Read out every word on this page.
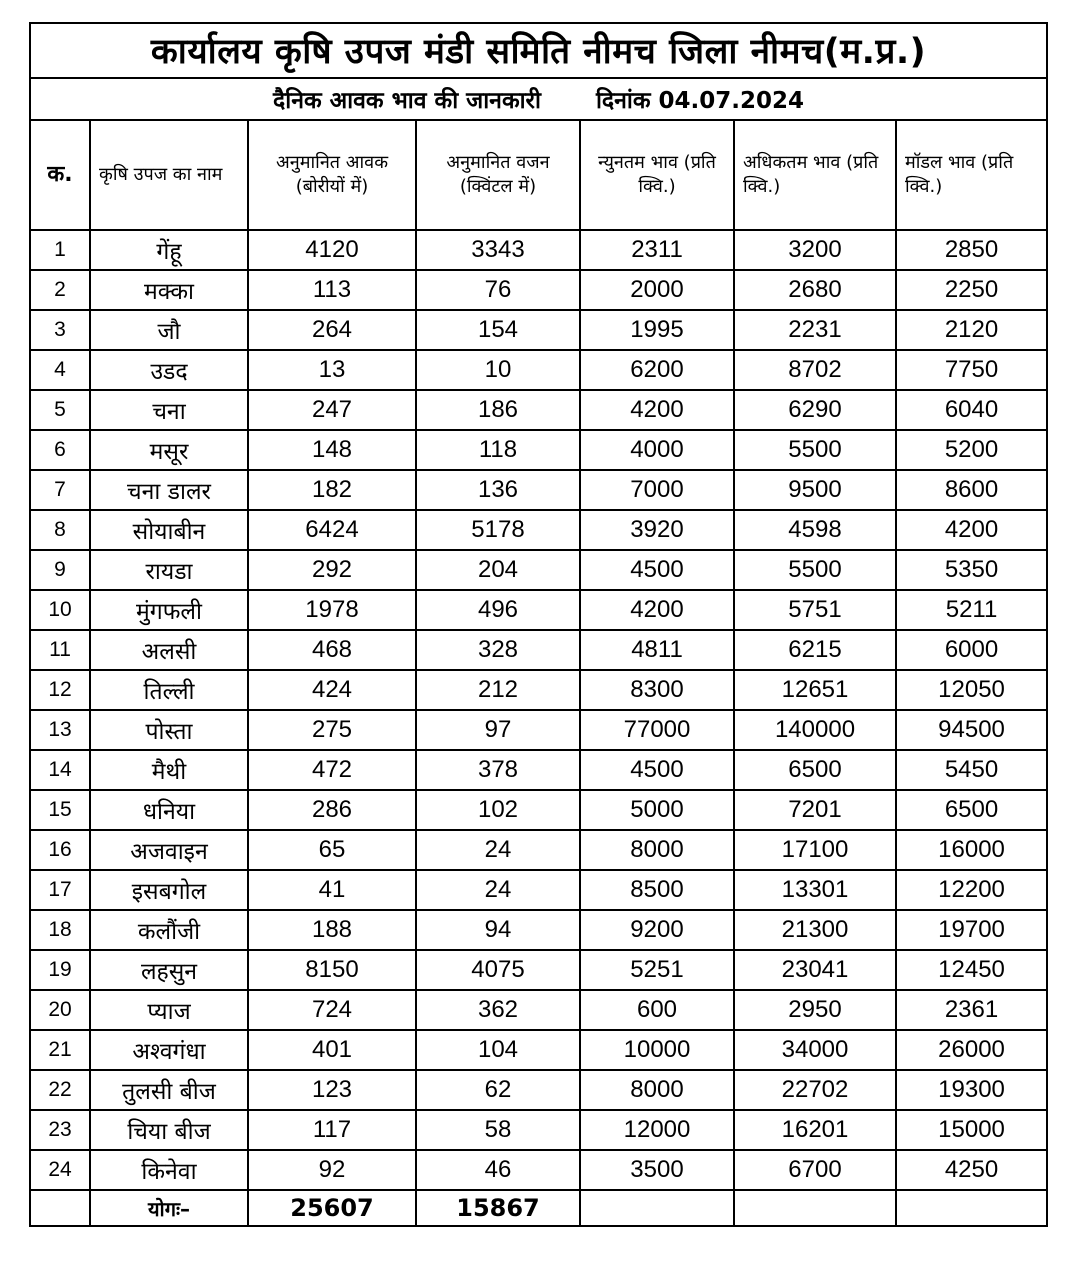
कार्यालय कृषि उपज मंडी समिति नीमच जिला नीमच(म.प्र.)						
दैनिक आवक भाव की जानकारी दिनांक 04.07.2024						
क.	कृषि उपज का नाम	अनुमानित आवक (बोरीयों में)	अनुमानित वजन (क्विंटल में)	न्युनतम भाव (प्रति क्वि.)	अधिकतम भाव (प्रति क्वि.)	मॉडल भाव (प्रति क्वि.)
1	गेंहू	4120	3343	2311	3200	2850
2	मक्का	113	76	2000	2680	2250
3	जौ	264	154	1995	2231	2120
4	उडद	13	10	6200	8702	7750
5	चना	247	186	4200	6290	6040
6	मसूर	148	118	4000	5500	5200
7	चना डालर	182	136	7000	9500	8600
8	सोयाबीन	6424	5178	3920	4598	4200
9	रायडा	292	204	4500	5500	5350
10	मुंगफली	1978	496	4200	5751	5211
11	अलसी	468	328	4811	6215	6000
12	तिल्ली	424	212	8300	12651	12050
13	पोस्ता	275	97	77000	140000	94500
14	मैथी	472	378	4500	6500	5450
15	धनिया	286	102	5000	7201	6500
16	अजवाइन	65	24	8000	17100	16000
17	इसबगोल	41	24	8500	13301	12200
18	कलौंजी	188	94	9200	21300	19700
19	लहसुन	8150	4075	5251	23041	12450
20	प्याज	724	362	600	2950	2361
21	अश्वगंधा	401	104	10000	34000	26000
22	तुलसी बीज	123	62	8000	22702	19300
23	चिया बीज	117	58	12000	16201	15000
24	किनेवा	92	46	3500	6700	4250
	योगः–	25607	15867			
